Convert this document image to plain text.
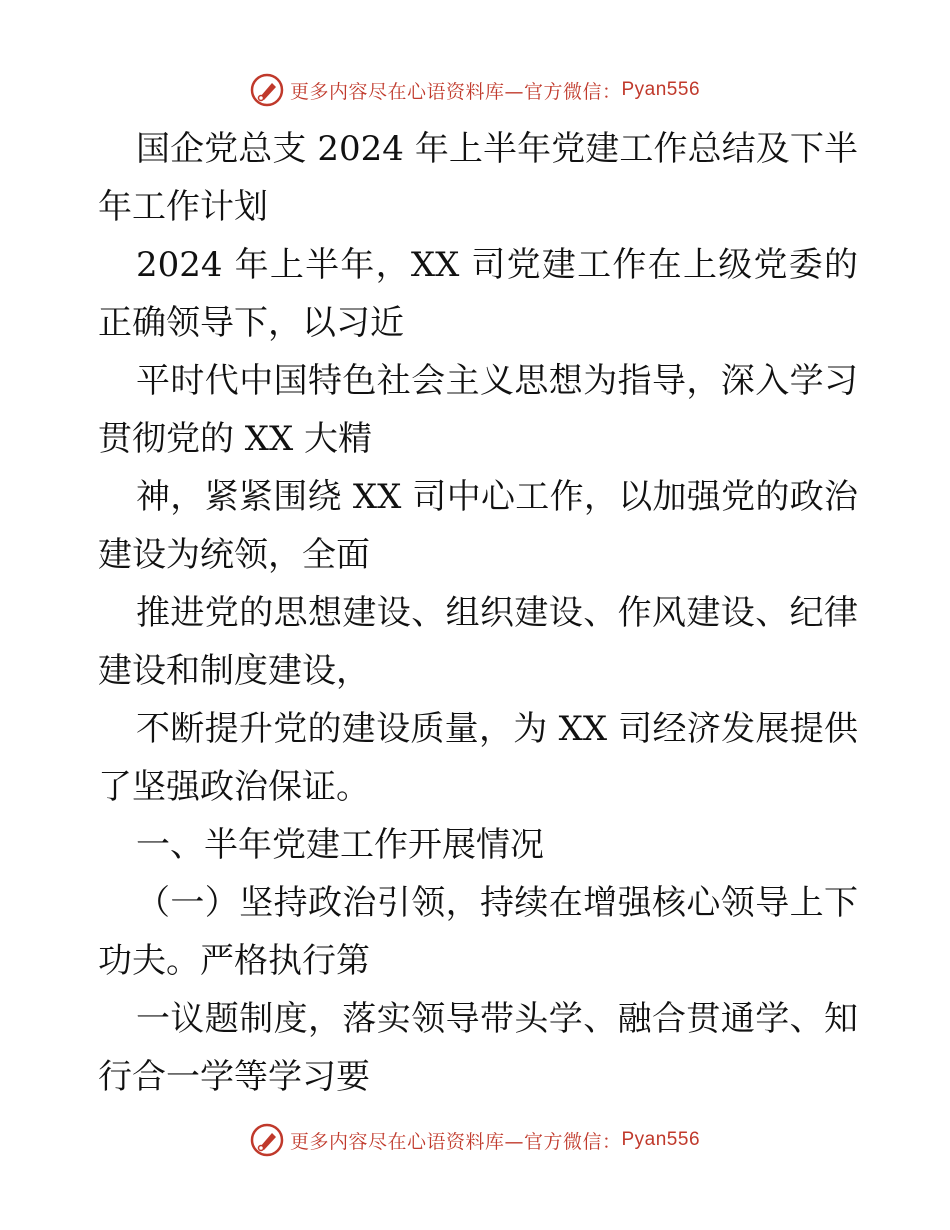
更多内容尽在心语资料库—官方微信： Pyan556

国企党总支 2024 年上半年党建工作总结及下半年工作计划

2024 年上半年，XX 司党建工作在上级党委的正确领导下，以习近

平时代中国特色社会主义思想为指导，深入学习贯彻党的 XX 大精

神，紧紧围绕 XX 司中心工作，以加强党的政治建设为统领，全面

推进党的思想建设、组织建设、作风建设、纪律建设和制度建设，

不断提升党的建设质量，为 XX 司经济发展提供了坚强政治保证。

一、半年党建工作开展情况

（一）坚持政治引领，持续在增强核心领导上下功夫。严格执行第

一议题制度，落实领导带头学、融合贯通学、知行合一学等学习要

更多内容尽在心语资料库—官方微信： Pyan556
